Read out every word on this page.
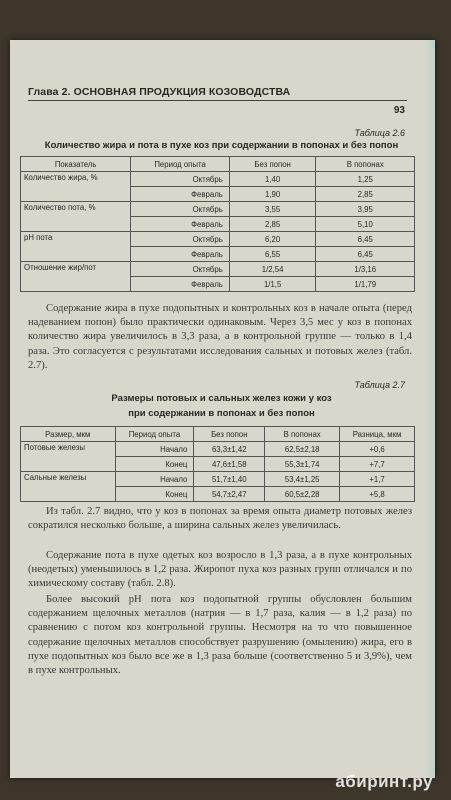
Глава 2. ОСНОВНАЯ ПРОДУКЦИЯ КОЗОВОДСТВА
93
Таблица 2.6
Количество жира и пота в пухе коз при содержании в попонах и без попон
Показатель	Период опыта	Без попон	В попонах
Количество жира, %	Октябрь	1,40	1,25
	Февраль	1,90	2,85
Количество пота, %	Октябрь	3,55	3,95
	Февраль	2,85	5,10
pH пота	Октябрь	6,20	6,45
	Февраль	6,55	6,45
Отношение жир/пот	Октябрь	1/2,54	1/3,16
	Февраль	1/1,5	1/1,79
Содержание жира в пухе подопытных и контрольных коз в начале опыта (перед надеванием попон) было практически одинаковым. Через 3,5 мес у коз в попонах количество жира увеличилось в 3,3 раза, а в контрольной группе — только в 1,4 раза. Это согласуется с результатами исследования сальных и потовых желез (табл. 2.7).
Таблица 2.7
Размеры потовых и сальных желез кожи у коз
при содержании в попонах и без попон
Размер, мкм	Период опыта	Без попон	В попонах	Разница, мкм
Потовые железы	Начало	63,3±1,42	62,5±2,18	+0,6
	Конец	47,6±1,58	55,3±1,74	+7,7
Сальные железы	Начало	51,7±1,40	53,4±1,25	+1,7
	Конец	54,7±2,47	60,5±2,28	+5,8
Из табл. 2.7 видно, что у коз в попонах за время опыта диаметр потовых желез сократился несколько больше, а ширина сальных желез увеличилась.
Содержание пота в пухе одетых коз возросло в 1,3 раза, а в пухе контрольных (неодетых) уменьшилось в 1,2 раза. Жиропот пуха коз разных групп отличался и по химическому составу (табл. 2.8).
Более высокий pH пота коз подопытной группы обусловлен большим содержанием щелочных металлов (натрия — в 1,7 раза, калия — в 1,2 раза) по сравнению с потом коз контрольной группы. Несмотря на то что повышенное содержание щелочных металлов способствует разрушению (омылению) жира, его в пухе подопытных коз было все же в 1,3 раза больше (соответственно 5 и 3,9%), чем в пухе контрольных.
абиринт.ру
